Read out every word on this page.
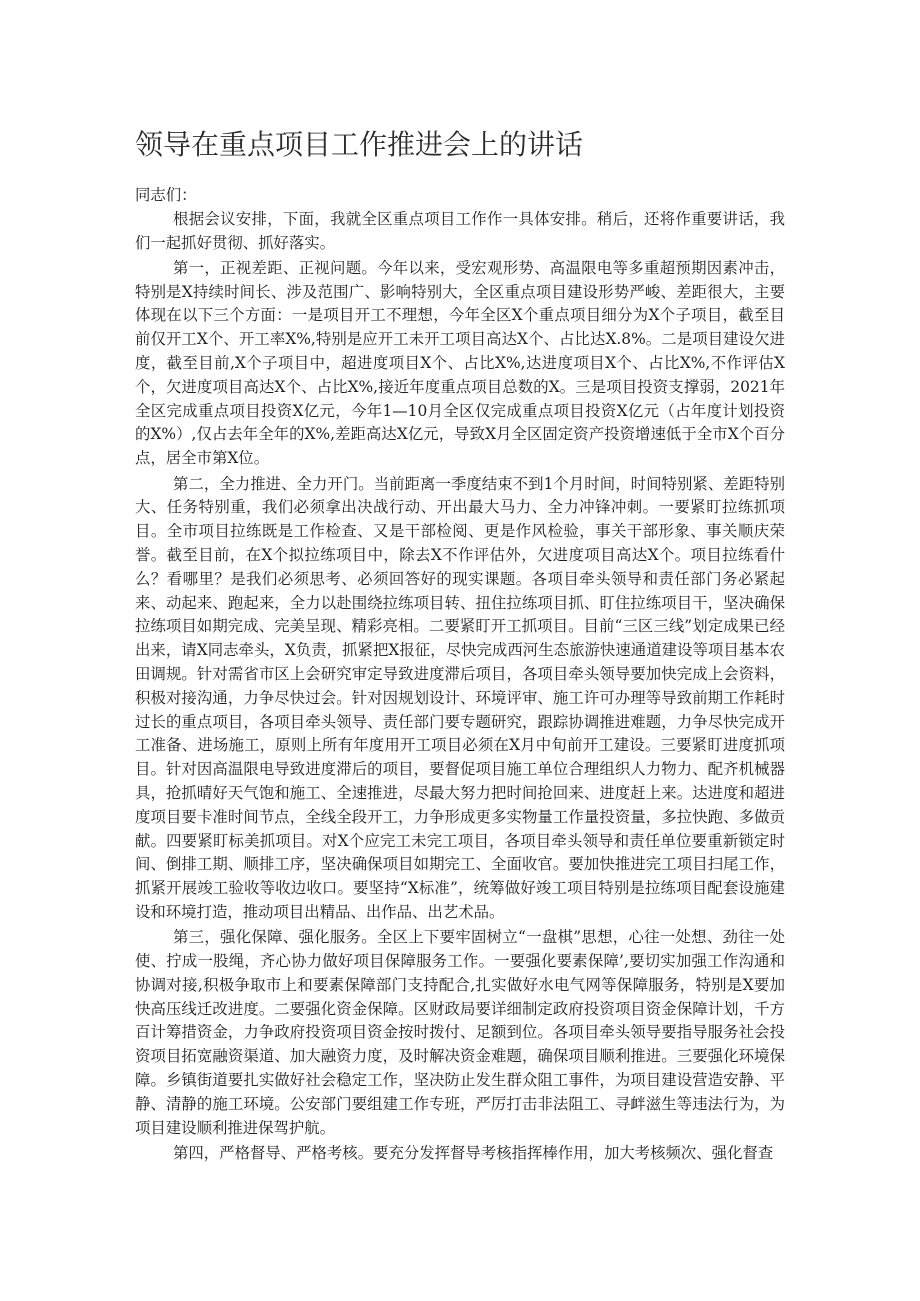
领导在重点项目工作推进会上的讲话

同志们：

根据会议安排，下面，我就全区重点项目工作作一具体安排。稍后，还将作重要讲话，我们一起抓好贯彻、抓好落实。

第一，正视差距、正视问题。今年以来，受宏观形势、高温限电等多重超预期因素冲击，特别是X持续时间长、涉及范围广、影响特别大，全区重点项目建设形势严峻、差距很大，主要体现在以下三个方面：一是项目开工不理想，今年全区X个重点项目细分为X个子项目，截至目前仅开工X个、开工率X%,特别是应开工未开工项目高达X个、占比达X.8%。二是项目建设欠进度，截至目前,X个子项目中，超进度项目X个、占比X%,达进度项目X个、占比X%,不作评估X个，欠进度项目高达X个、占比X%,接近年度重点项目总数的X。三是项目投资支撑弱，2021年全区完成重点项目投资X亿元，今年1—10月全区仅完成重点项目投资X亿元（占年度计划投资的X%）,仅占去年全年的X%,差距高达X亿元，导致X月全区固定资产投资增速低于全市X个百分点，居全市第X位。

第二，全力推进、全力开门。当前距离一季度结束不到1个月时间，时间特别紧、差距特别大、任务特别重，我们必须拿出决战行动、开出最大马力、全力冲锋冲刺。一要紧盯拉练抓项目。全市项目拉练既是工作检查、又是干部检阅、更是作风检验，事关干部形象、事关顺庆荣誉。截至目前，在X个拟拉练项目中，除去X不作评估外，欠进度项目高达X个。项目拉练看什么？看哪里？是我们必须思考、必须回答好的现实课题。各项目牵头领导和责任部门务必紧起来、动起来、跑起来，全力以赴围绕拉练项目转、扭住拉练项目抓、盯住拉练项目干，坚决确保拉练项目如期完成、完美呈现、精彩亮相。二要紧盯开工抓项目。目前“三区三线”划定成果已经出来，请X同志牵头，X负责，抓紧把X报征，尽快完成西河生态旅游快速通道建设等项目基本农田调规。针对需省市区上会研究审定导致进度滞后项目，各项目牵头领导要加快完成上会资料，积极对接沟通，力争尽快过会。针对因规划设计、环境评审、施工许可办理等导致前期工作耗时过长的重点项目，各项目牵头领导、责任部门要专题研究，跟踪协调推进难题，力争尽快完成开工准备、进场施工，原则上所有年度用开工项目必须在X月中旬前开工建设。三要紧盯进度抓项目。针对因高温限电导致进度滞后的项目，要督促项目施工单位合理组织人力物力、配齐机械器具，抢抓晴好天气饱和施工、全速推进，尽最大努力把时间抢回来、进度赶上来。达进度和超进度项目要卡准时间节点，全线全段开工，力争形成更多实物量工作量投资量，多拉快跑、多做贡献。四要紧盯标美抓项目。对X个应完工未完工项目，各项目牵头领导和责任单位要重新锁定时间、倒排工期、顺排工序，坚决确保项目如期完工、全面收官。要加快推进完工项目扫尾工作，抓紧开展竣工验收等收边收口。要坚持“X标准”，统筹做好竣工项目特别是拉练项目配套设施建设和环境打造，推动项目出精品、出作品、出艺术品。

第三，强化保障、强化服务。全区上下要牢固树立“一盘棋”思想，心往一处想、劲往一处使、拧成一股绳，齐心协力做好项目保障服务工作。一要强化要素保障’,要切实加强工作沟通和协调对接,积极争取市上和要素保障部门支持配合,扎实做好水电气网等保障服务，特别是X要加快高压线迁改进度。二要强化资金保障。区财政局要详细制定政府投资项目资金保障计划，千方百计筹措资金，力争政府投资项目资金按时拨付、足额到位。各项目牵头领导要指导服务社会投资项目拓宽融资渠道、加大融资力度，及时解决资金难题，确保项目顺利推进。三要强化环境保障。乡镇街道要扎实做好社会稳定工作，坚决防止发生群众阻工事件，为项目建设营造安静、平静、清静的施工环境。公安部门要组建工作专班，严厉打击非法阻工、寻衅滋生等违法行为，为项目建设顺利推进保驾护航。

第四，严格督导、严格考核。要充分发挥督导考核指挥棒作用，加大考核频次、强化督查
